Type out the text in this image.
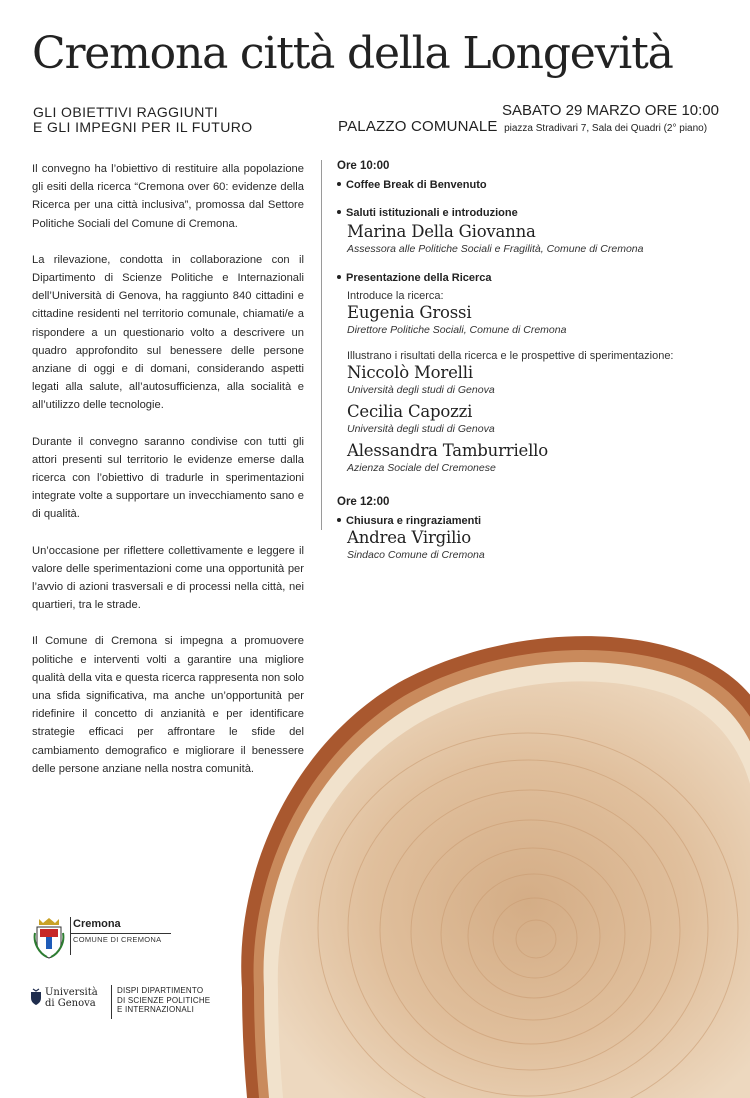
Cremona città della Longevità
GLI OBIETTIVI RAGGIUNTI
E GLI IMPEGNI PER IL FUTURO
SABATO 29 MARZO ORE 10:00
PALAZZO COMUNALE piazza Stradivari 7, Sala dei Quadri (2° piano)

Il convegno ha l’obiettivo di restituire alla popolazione gli esiti della ricerca “Cremona over 60: evidenze della Ricerca per una città inclusiva”, promossa dal Settore Politiche Sociali del Comune di Cremona.

La rilevazione, condotta in collaborazione con il Dipartimento di Scienze Politiche e Internazionali dell’Università di Genova, ha raggiunto 840 cittadini e cittadine residenti nel territorio comunale, chiamati/e a rispondere a un questionario volto a descrivere un quadro approfondito sul benessere delle persone anziane di oggi e di domani, considerando aspetti legati alla salute, all’autosufficienza, alla socialità e all’utilizzo delle tecnologie.

Durante il convegno saranno condivise con tutti gli attori presenti sul territorio le evidenze emerse dalla ricerca con l’obiettivo di tradurle in sperimentazioni integrate volte a supportare un invecchiamento sano e di qualità.

Un’occasione per riflettere collettivamente e leggere il valore delle sperimentazioni come una opportunità per l’avvio di azioni trasversali e di processi nella città, nei quartieri, tra le strade.

Il Comune di Cremona si impegna a promuovere politiche e interventi volti a garantire una migliore qualità della vita e questa ricerca rappresenta non solo una sfida significativa, ma anche un’opportunità per ridefinire il concetto di anzianità e per identificare strategie efficaci per affrontare le sfide del cambiamento demografico e migliorare il benessere delle persone anziane nella nostra comunità.

Ore 10:00
Coffee Break di Benvenuto
Saluti istituzionali e introduzione
Marina Della Giovanna
Assessora alle Politiche Sociali e Fragilità, Comune di Cremona
Presentazione della Ricerca
Introduce la ricerca:
Eugenia Grossi
Direttore Politiche Sociali, Comune di Cremona
Illustrano i risultati della ricerca e le prospettive di sperimentazione:
Niccolò Morelli
Università degli studi di Genova
Cecilia Capozzi
Università degli studi di Genova
Alessandra Tamburriello
Azienza Sociale del Cremonese
Ore 12:00
Chiusura e ringraziamenti
Andrea Virgilio
Sindaco Comune di Cremona
Cremona
COMUNE DI CREMONA
Università
di Genova
DISPI DIPARTIMENTO
DI SCIENZE POLITICHE
E INTERNAZIONALI
